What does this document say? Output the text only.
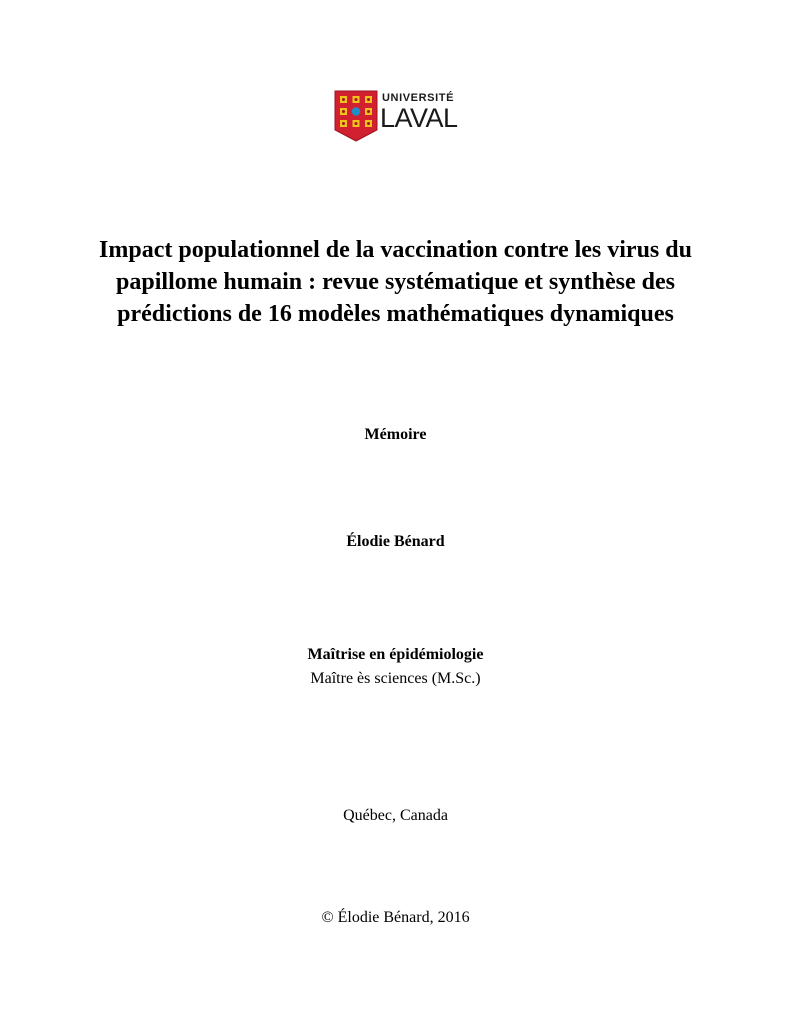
UNIVERSITÉ
LAVAL
Impact populationnel de la vaccination contre les virus du papillome humain : revue systématique et synthèse des prédictions de 16 modèles mathématiques dynamiques

Mémoire

Élodie Bénard

Maîtrise en épidémiologie

Maître ès sciences (M.Sc.)

Québec, Canada

© Élodie Bénard, 2016
